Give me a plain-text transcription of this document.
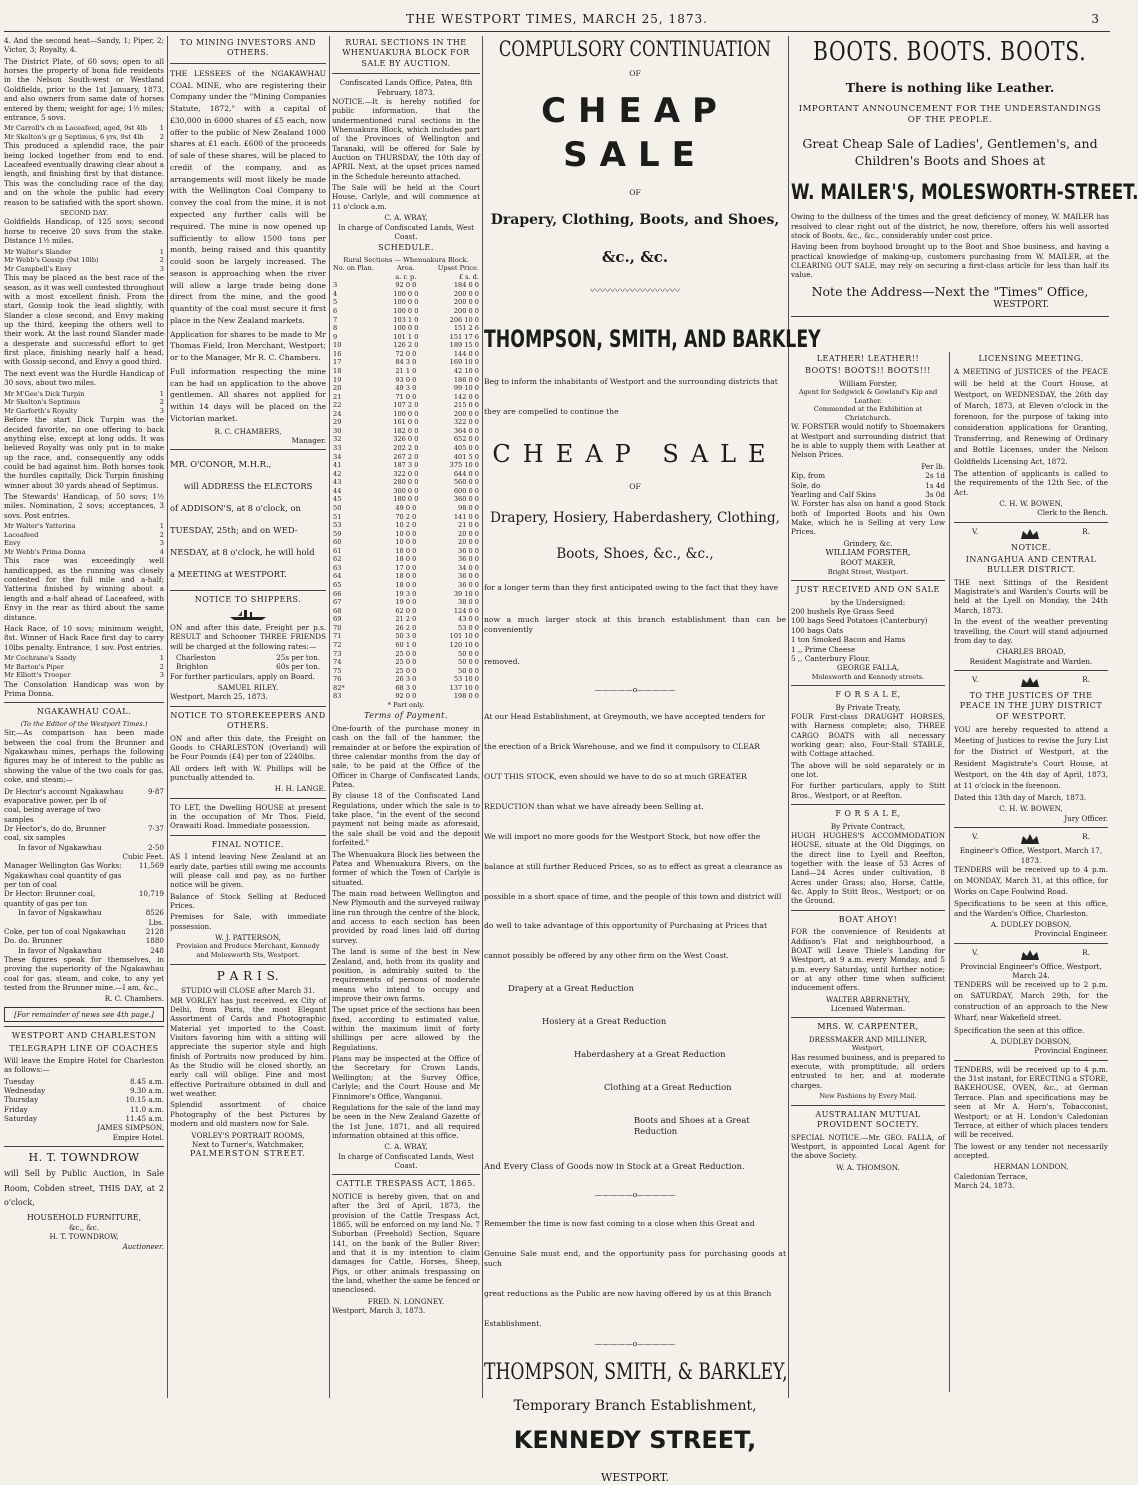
THE WESTPORT TIMES, MARCH 25, 1873.	3

4. And the second heat—Sandy, 1; Piper, 2; Victor, 3; Royalty, 4.

The District Plate, of 60 sovs; open to all horses the property of bona fide residents in the Nelson South-west or Westland Goldfields, prior to the 1st January, 1873, and also owners from same date of horses entered by them; weight for age; 1½ miles; entrance, 5 sovs.

Mr Carroll's ch m Laceafeed, aged, 9st 4lb 1
Mr Skelton's gr g Septimus, 6 yrs, 9st 4lb 2

This produced a splendid race, the pair being locked together from end to end. Laceafeed eventually drawing clear about a length, and finishing first by that distance. This was the concluding race of the day, and on the whole the public had every reason to be satisfied with the sport shown.

SECOND DAY.

Goldfields Handicap, of 125 sovs; second horse to receive 20 sovs from the stake. Distance 1½ miles.

Mr Walter's Slander	1
Mr Webb's Gossip (9st 10lb)	2
Mr Campbell's Envy	3

This may be placed as the best race of the season, as it was well contested throughout with a most excellent finish. From the start, Gossip took the lead slightly, with Slander a close second, and Envy making up the third, keeping the others well to their work. At the last round Slander made a desperate and successful effort to get first place, finishing nearly half a head, with Gossip second, and Envy a good third.

The next event was the Hurdle Handicap of 30 sovs, about two miles.

Mr M'Gee's Dick Turpin	1
Mr Skelton's Septimus	2
Mr Garforth's Royalty	3

Before the start Dick Turpin was the decided favorite, no one offering to back anything else, except at long odds. It was believed Royalty was only put in to make up the race, and, consequently any odds could be had against him. Both horses took the hurdles capitally, Dick Turpin finishing winner about 30 yards ahead of Septimus.

The Stewards' Handicap, of 50 sovs; 1½ miles. Nomination, 2 sovs; acceptances, 3 sovs. Post entries.

Mr Walter's Yatterina	1
Laceafeed	2
Envy	3
Mr Webb's Prima Donna	4

This race was exceedingly well handicapped, as the running was closely contested for the full mile and a-half; Yatterina finished by winning about a length and a-half ahead of Laceafeed, with Envy in the rear as third about the same distance.

Hack Race, of 10 sovs; minimum weight, 8st. Winner of Hack Race first day to carry 10lbs penalty. Entrance, 1 sov. Post entries.

Mr Cochrane's Sandy	1
Mr Barton's Piper	2
Mr Elliott's Trooper	3

The Consolation Handicap was won by Prima Donna.

NGAKAWHAU COAL.
(To the Editor of the Westport Times.)

Sir,—As comparison has been made between the coal from the Brunner and Ngakawhau mines, perhaps the following figures may be of interest to the public as showing the value of the two coals for gas, coke, and steam;—

Dr Hector's account Ngakawhau evaporative power, per lb of coal, being average of two samples
9·87
Dr Hector's, do do, Brunner coal, six samples
7·37
In favor of Ngakawhau	2·50
Cubic Feet.
Manager Wellington Gas Works: Ngakawhau coal quantity of gas per ton of coal
11,569
Dr Hector: Brunner coal, quantity of gas per ton
10,719
In favor of Ngakawhau	8526
Lbs.
Coke, per ton of coal Ngakawhau	2128
Do. do. Brunner	1880
In favor of Ngakawhau	248

These figures speak for themselves, in proving the superiority of the Ngakawhau coal for gas, steam, and coke, to any yet tested from the Brunner mine.—I am, &c.,

R. C. Chambers.
[For remainder of news see 4th page.]
WESTPORT AND CHARLESTON
TELEGRAPH LINE OF COACHES

Will leave the Empire Hotel for Charleston as follows:—

Tuesday	8.45 a.m.
Wednesday	9.30 a.m.
Thursday	10.15 a.m.
Friday	11.0 a.m.
Saturday	11.45 a.m.
JAMES SIMPSON,
Empire Hotel.
H. T. TOWNDROW

will Sell by Public Auction, in Sale Room, Cobden street, THIS DAY, at 2 o'clock,

HOUSEHOLD FURNITURE,
&c., &c.
H. T. TOWNDROW,
Auctioneer.
TO MINING INVESTORS AND OTHERS.

THE LESSEES of the NGAKAWHAU COAL MINE, who are registering their Company under the "Mining Companies Statute, 1872," with a capital of £30,000 in 6000 shares of £5 each, now offer to the public of New Zealand 1000 shares at £1 each. £600 of the proceeds of sale of these shares, will be placed to credit of the company, and as arrangements will most likely be made with the Wellington Coal Company to convey the coal from the mine, it is not expected any further calls will be required. The mine is now opened up sufficiently to allow 1500 tons per month, being raised and this quantity could soon be largely increased. The season is approaching when the river will allow a large trade being done direct from the mine, and the good quantity of the coal must secure it first place in the New Zealand markets.

Application for shares to be made to Mr Thomas Field, Iron Merchant, Westport; or to the Manager, Mr R. C. Chambers.

Full information respecting the mine can be had on application to the above gentlemen. All shares not applied for within 14 days will be placed on the Victorian market.

R. C. CHAMBERS,
Manager.
MR. O'CONOR, M.H.R.,
will ADDRESS the ELECTORS
of ADDISON'S, at 8 o'clock, on
TUESDAY, 25th; and on WED-
NESDAY, at 8 o'clock, he will hold
a MEETING at WESTPORT.
NOTICE TO SHIPPERS.

ON and after this date, Freight per p.s. RESULT and Schooner THREE FRIENDS will be charged at the following rates:—

Charleston	25s per ton.
Brighton	60s per ton.

For further particulars, apply on Board.

SAMUEL RILEY.
Westport, March 25, 1873.
NOTICE TO STOREKEEPERS AND OTHERS.

ON and after this date, the Freight on Goods to CHARLESTON (Overland) will be Four Pounds (£4) per ton of 2240lbs.

All orders left with W. Phillips will be punctually attended to.

H. H. LANGE.

TO LET, the Dwelling HOUSE at present in the occupation of Mr Thos. Field, Orawaiti Road. Immediate possession.

FINAL NOTICE.

AS I intend leaving New Zealand at an early date, parties still owing me accounts will please call and pay, as no further notice will be given.

Balance of Stock Selling at Reduced Prices.

Premises for Sale, with immediate possession.

W. J. PATTERSON,
Provision and Produce Merchant, Kennedy and Molesworth Sts, Westport.
P A R I S.
STUDIO will CLOSE after March 31.

MR VORLEY has just received, ex City of Delhi, from Paris, the most Elegant Assortment of Cards and Photographic Material yet imported to the Coast. Visitors favoring him with a sitting will appreciate the superior style and high finish of Portraits now produced by him. As the Studio will be closed shortly, an early call will oblige. Fine and most effective Portraiture obtained in dull and wet weather.

Splendid assortment of choice Photography of the best Pictures by modern and old masters now for Sale.

VORLEY'S PORTRAIT ROOMS,
Next to Turner's, Watchmaker,
PALMERSTON STREET.
RURAL SECTIONS IN THE WHENUAKURA BLOCK FOR SALE BY AUCTION.
Confiscated Lands Office, Patea, 8th February, 1873.

NOTICE.—It is hereby notified for public information, that the undermentioned rural sections in the Whenuakura Block, which includes part of the Provinces of Wellington and Taranaki, will be offered for Sale by Auction on THURSDAY, the 10th day of APRIL Next, at the upset prices named in the Schedule hereunto attached.

The Sale will be held at the Court House, Carlyle, and will commence at 11 o'clock a.m.

C. A. WRAY,
In charge of Confiscated Lands, West Coast.
SCHEDULE.
Rural Sections — Whenuakura Block.
No. on Plan.	Area.	Upset Price.
	a. r. p.	£ s. d.
3	92 0 0	184 0 0
4	100 0 0	200 0 0
5	100 0 0	200 0 0
6	100 0 0	200 0 0
7	103 1 0	206 10 0
8	100 0 0	151 2 6
9	101 1 0	151 17 6
10	126 2 0	189 15 0
16	72 0 0	144 0 0
17	84 3 0	169 10 0
18	21 1 0	42 10 0
19	93 0 0	186 0 0
20	49 3 0	99 10 0
21	71 0 0	142 0 0
22	107 2 0	215 0 0
24	100 0 0	200 0 0
29	161 0 0	322 0 0
30	182 0 0	364 0 0
32	326 0 0	652 0 0
33	202 2 0	405 0 0
34	267 2 0	401 5 0
41	187 3 0	375 10 0
42	322 0 0	644 0 0
43	280 0 0	560 0 0
44	300 0 0	600 0 0
45	180 0 0	360 0 0
50	49 0 0	98 0 0
51	70 2 0	141 0 0
53	10 2 0	21 0 0
59	10 0 0	20 0 0
60	10 0 0	20 0 0
61	18 0 0	36 0 0
62	18 0 0	36 0 0
63	17 0 0	34 0 0
64	18 0 0	36 0 0
65	18 0 0	36 0 0
66	19 3 0	39 10 0
67	19 0 0	38 0 0
68	62 0 0	124 0 0
69	21 2 0	43 0 0
70	26 2 0	53 0 0
71	50 3 0	101 10 0
72	60 1 0	120 10 0
73	25 0 0	50 0 0
74	25 0 0	50 0 0
75	25 0 0	50 0 0
76	26 3 0	53 10 0
82*	68 3 0	137 10 0
83	92 0 0	198 0 0
* Part only.
Terms of Payment.

One-fourth of the purchase money in cash on the fall of the hammer, the remainder at or before the expiration of three calendar months from the day of sale, to be paid at the Office of the Officer in Charge of Confiscated Lands, Patea.

By clause 18 of the Confiscated Land Regulations, under which the sale is to take place, "in the event of the second payment not being made as aforesaid, the sale shall be void and the deposit forfeited."

The Whenuakura Block lies between the Patea and Whenuakura Rivers, on the former of which the Town of Carlyle is situated.

The main road between Wellington and New Plymouth and the surveyed railway line run through the centre of the block, and access to each section has been provided by road lines laid off during survey.

The land is some of the best in New Zealand, and, both from its quality and position, is admirably suited to the requirements of persons of moderate means who intend to occupy and improve their own farms.

The upset price of the sections has been fixed, according to estimated value, within the maximum limit of forty shillings per acre allowed by the Regulations.

Plans may be inspected at the Office of the Secretary for Crown Lands, Wellington; at the Survey Office, Carlyle; and the Court House and Mr Finnimore's Office, Wanganui.

Regulations for the sale of the land may be seen in the New Zealand Gazette of the 1st June, 1871, and all required information obtained at this office.

C. A. WRAY,
In charge of Confiscated Lands, West Coast.
CATTLE TRESPASS ACT, 1865.

NOTICE is hereby given, that on and after the 3rd of April, 1873, the provision of the Cattle Trespass Act, 1865, will be enforced on my land No. 7 Suburban (Freehold) Section, Square 141, on the bank of the Buller River; and that it is my intention to claim damages for Cattle, Horses, Sheep, Pigs, or other animals trespassing on the land, whether the same be fenced or unenclosed.

FRED. N. LONGNEY.
Westport, March 3, 1873.
COMPULSORY CONTINUATION
OF
CHEAP SALE
OF
Drapery, Clothing, Boots, and Shoes,
&c., &c.
〰〰〰〰〰〰〰〰〰
THOMPSON, SMITH, AND BARKLEY

Beg to inform the inhabitants of Westport and the surrounding districts that

they are compelled to continue the

CHEAP SALE
OF
Drapery, Hosiery, Haberdashery, Clothing,
Boots, Shoes, &c., &c.,

for a longer term than they first anticipated owing to the fact that they have

now a much larger stock at this branch establishment than can be conveniently

removed.

—————o—————

At our Head Establishment, at Greymouth, we have accepted tenders for

the erection of a Brick Warehouse, and we find it compulsory to CLEAR

OUT THIS STOCK, even should we have to do so at much GREATER

REDUCTION than what we have already been Selling at.

We will import no more goods for the Westport Stock, but now offer the

balance at still further Reduced Prices, so as to effect as great a clearance as

possible in a short space of time, and the people of this town and district will

do well to take advantage of this opportunity of Purchasing at Prices that

cannot possibly be offered by any other firm on the West Coast.

Drapery at a Great Reduction
Hosiery at a Great Reduction
Haberdashery at a Great Reduction
Clothing at a Great Reduction
Boots and Shoes at a Great Reduction
And Every Class of Goods now in Stock at a Great Reduction.
—————o—————

Remember the time is now fast coming to a close when this Great and

Genuine Sale must end, and the opportunity pass for purchasing goods at such

great reductions as the Public are now having offered by us at this Branch

Establishment.

—————o—————
THOMPSON, SMITH, & BARKLEY,
Temporary Branch Establishment,
KENNEDY STREET,
WESTPORT.
BOOTS. BOOTS. BOOTS.
There is nothing like Leather.
IMPORTANT ANNOUNCEMENT FOR THE UNDERSTANDINGS OF THE PEOPLE.
Great Cheap Sale of Ladies', Gentlemen's, and Children's Boots and Shoes at
W. MAILER'S, MOLESWORTH-STREET.

Owing to the dullness of the times and the great deficiency of money, W. MAILER has resolved to clear right out of the district, he now, therefore, offers his well assorted stock of Boots, &c., &c., considerably under cost price.

Having been from boyhood brought up to the Boot and Shoe business, and having a practical knowledge of making-up, customers purchasing from W. MAILER, at the CLEARING OUT SALE, may rely on securing a first-class article for less than half its value.

Note the Address—Next the "Times" Office,
WESTPORT.
LEATHER! LEATHER!!
BOOTS! BOOTS!! BOOTS!!!
William Forster,
Agent for Sedgwick & Gowland's Kip and Leather.
Commended at the Exhibition at Christchurch.

W. FORSTER would notify to Shoemakers at Westport and surrounding district that he is able to supply them with Leather at Nelson Prices.

Per lb.
Kip, from	2s 1d
Sole, do	1s 4d
Yearling and Calf Skins	3s 0d

W. Forster has also on hand a good Stock both of Imported Boots and his Own Make, which he is Selling at very Low Prices.

Grindery, &c.
WILLIAM FORSTER,
BOOT MAKER,
Bright Street, Westport.
JUST RECEIVED AND ON SALE
by the Undersigned:
200 bushels Rye Grass Seed
100 bags Seed Potatoes (Canterbury)
100 bags Oats
1 ton Smoked Bacon and Hams
1 ,, Prime Cheese
5 ,, Canterbury Flour.
GEORGE FALLA,
Molesworth and Kennedy streets.
F O R S A L E,
By Private Treaty,

FOUR First-class DRAUGHT HORSES, with Harness complete; also, THREE CARGO BOATS with all necessary working gear; also, Four-Stall STABLE, with Cottage attached.

The above will be sold separately or in one lot.

For further particulars, apply to Stitt Bros., Westport, or at Reefton.

F O R S A L E,
By Private Contract,

HUGH HUGHES'S ACCOMMODATION HOUSE, situate at the Old Diggings, on the direct line to Lyell and Reefton, together with the lease of 53 Acres of Land—24 Acres under cultivation, 8 Acres under Grass; also, Horse, Cattle, &c. Apply to Stitt Bros., Westport; or on the Ground.

BOAT AHOY!

FOR the convenience of Residents at Addison's Flat and neighbourhood, a BOAT will Leave Thiele's Landing for Westport, at 9 a.m. every Monday, and 5 p.m. every Saturday, until further notice; or at any other time when sufficient inducement offers.

WALTER ABERNETHY,
Licensed Waterman.
MRS. W. CARPENTER,
DRESSMAKER AND MILLINER,
Westport,

Has resumed business, and is prepared to execute, with promptitude, all orders entrusted to her, and at moderate charges.

New Fashions by Every Mail.
AUSTRALIAN MUTUAL PROVIDENT SOCIETY.

SPECIAL NOTICE.—Mr. GEO. FALLA, of Westport, is appointed Local Agent for the above Society.

W. A. THOMSON.
LICENSING MEETING.

A MEETING of JUSTICES of the PEACE will be held at the Court House, at Westport, on WEDNESDAY, the 26th day of March, 1873, at Eleven o'clock in the forenoon, for the purpose of taking into consideration applications for Granting, Transferring, and Renewing of Ordinary and Bottle Licenses, under the Nelson Goldfields Licensing Act, 1872.

The attention of applicants is called to the requirements of the 12th Sec. of the Act.

C. H. W. BOWEN,
Clerk to the Bench.
V.	R.
NOTICE.
INANGAHUA AND CENTRAL BULLER DISTRICT.

THE next Sittings of the Resident Magistrate's and Warden's Courts will be held at the Lyell on Monday, the 24th March, 1873.

In the event of the weather preventing travelling, the Court will stand adjourned from day to day.

CHARLES BROAD,
Resident Magistrate and Warden.
V.	R.
TO THE JUSTICES OF THE PEACE IN THE JURY DISTRICT OF WESTPORT.

YOU are hereby requested to attend a Meeting of Justices to revise the Jury List for the District of Westport, at the Resident Magistrate's Court House, at Westport, on the 4th day of April, 1873, at 11 o'clock in the forenoon.

Dated this 13th day of March, 1873.

C. H. W. BOWEN,
Jury Officer.
V.	R.
Engineer's Office, Westport, March 17, 1873.

TENDERS will be received up to 4 p.m. on MONDAY, March 31, at this office, for Works on Cape Foulwind Road.

Specifications to be seen at this office, and the Warden's Office, Charleston.

A. DUDLEY DOBSON,
Provincial Engineer.
V.	R.
Provincial Engineer's Office, Westport, March 24.

TENDERS will be received up to 2 p.m. on SATURDAY, March 29th, for the construction of an approach to the New Wharf, near Wakefield street.

Specification the seen at this office.

A. DUDLEY DOBSON,
Provincial Engineer.

TENDERS, will be received up to 4 p.m. the 31st instant, for ERECTING a STORE, BAKEHOUSE, OVEN, &c., at German Terrace. Plan and specifications may be seen at Mr A. Horn's, Tobacconist, Westport; or at H. London's Caledonian Terrace, at either of which places tenders will be received.

The lowest or any tender not necessarily accepted.

HERMAN LONDON,
Caledonian Terrace,
March 24, 1873.
